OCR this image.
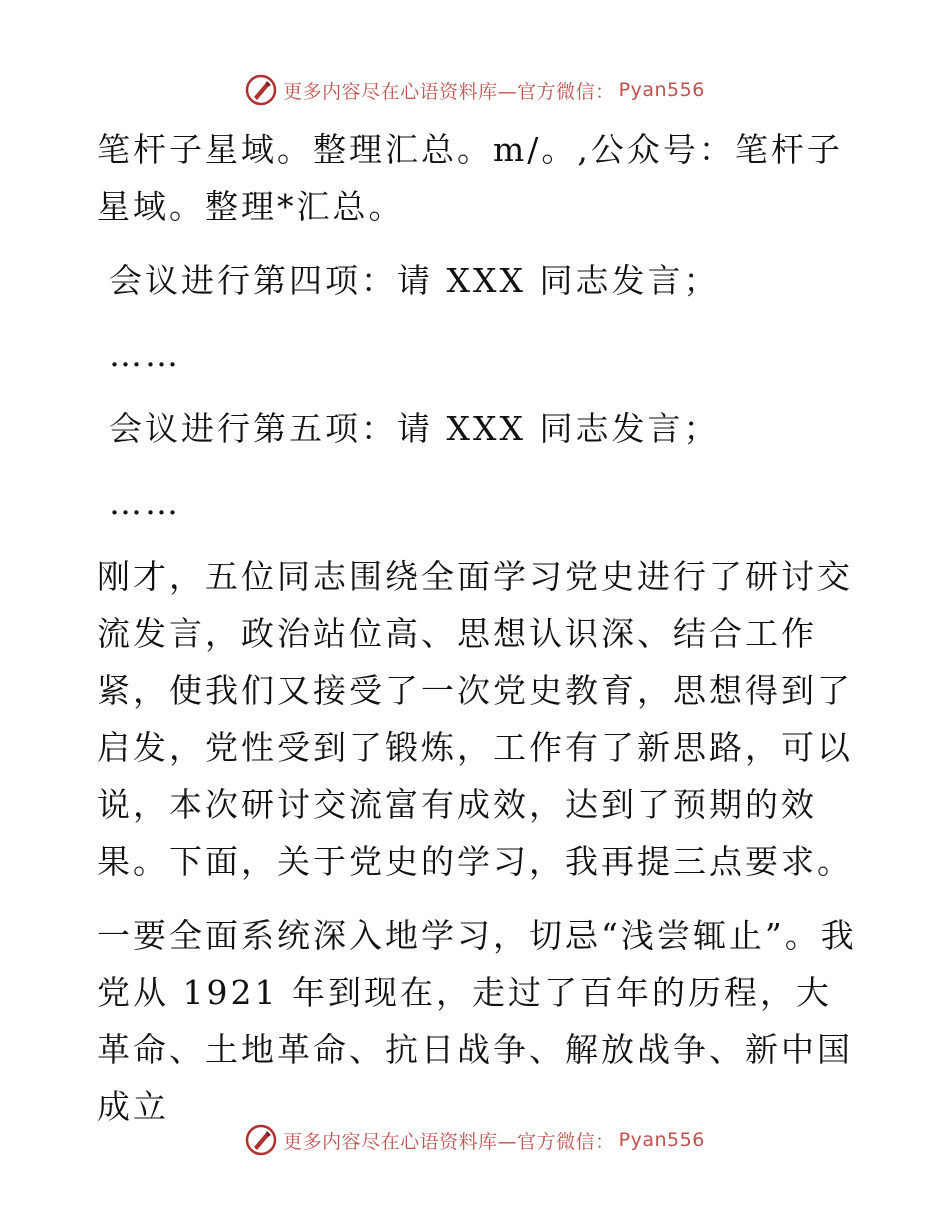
更多内容尽在心语资料库—官方微信： Pyan556

笔杆子星域。整理汇总。m/。,公众号：笔杆子星域。整理*汇总。

会议进行第四项：请 XXX 同志发言；

……

会议进行第五项：请 XXX 同志发言；

……

刚才，五位同志围绕全面学习党史进行了研讨交流发言，政治站位高、思想认识深、结合工作紧，使我们又接受了一次党史教育，思想得到了启发，党性受到了锻炼，工作有了新思路，可以说，本次研讨交流富有成效，达到了预期的效果。下面，关于党史的学习，我再提三点要求。

一要全面系统深入地学习，切忌“浅尝辄止”。我党从 1921 年到现在，走过了百年的历程，大革命、土地革命、抗日战争、解放战争、新中国成立

更多内容尽在心语资料库—官方微信： Pyan556
